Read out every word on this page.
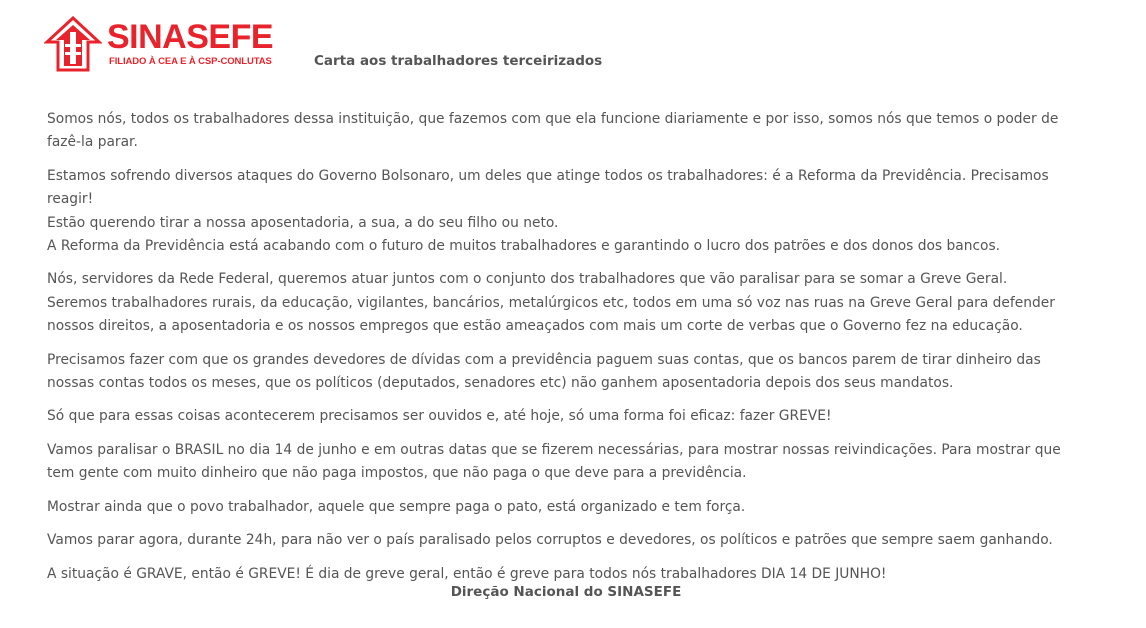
SINASEFE
FILIADO À CEA E À CSP-CONLUTAS	Carta aos trabalhadores terceirizados

Somos nós, todos os trabalhadores dessa instituição, que fazemos com que ela funcione diariamente e por isso, somos nós que temos o poder de fazê-la parar.

Estamos sofrendo diversos ataques do Governo Bolsonaro, um deles que atinge todos os trabalhadores: é a Reforma da Previdência. Precisamos reagir!
Estão querendo tirar a nossa aposentadoria, a sua, a do seu filho ou neto.
A Reforma da Previdência está acabando com o futuro de muitos trabalhadores e garantindo o lucro dos patrões e dos donos dos bancos.

Nós, servidores da Rede Federal, queremos atuar juntos com o conjunto dos trabalhadores que vão paralisar para se somar a Greve Geral.
Seremos trabalhadores rurais, da educação, vigilantes, bancários, metalúrgicos etc, todos em uma só voz nas ruas na Greve Geral para defender nossos direitos, a aposentadoria e os nossos empregos que estão ameaçados com mais um corte de verbas que o Governo fez na educação.

Precisamos fazer com que os grandes devedores de dívidas com a previdência paguem suas contas, que os bancos parem de tirar dinheiro das nossas contas todos os meses, que os políticos (deputados, senadores etc) não ganhem aposentadoria depois dos seus mandatos.

Só que para essas coisas acontecerem precisamos ser ouvidos e, até hoje, só uma forma foi eficaz: fazer GREVE!

Vamos paralisar o BRASIL no dia 14 de junho e em outras datas que se fizerem necessárias, para mostrar nossas reivindicações. Para mostrar que tem gente com muito dinheiro que não paga impostos, que não paga o que deve para a previdência.

Mostrar ainda que o povo trabalhador, aquele que sempre paga o pato, está organizado e tem força.

Vamos parar agora, durante 24h, para não ver o país paralisado pelos corruptos e devedores, os políticos e patrões que sempre saem ganhando.

A situação é GRAVE, então é GREVE! É dia de greve geral, então é greve para todos nós trabalhadores DIA 14 DE JUNHO!

Direção Nacional do SINASEFE
